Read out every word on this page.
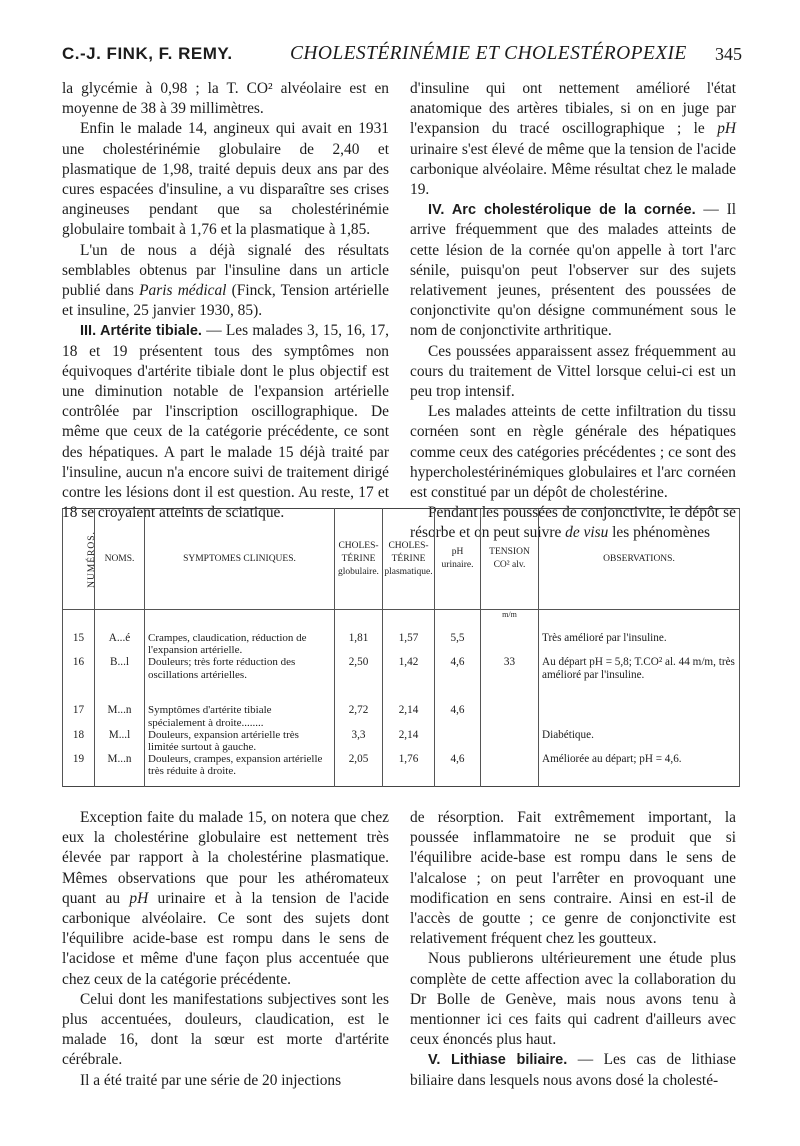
C.-J. FINK, F. REMY.	CHOLESTÉRINÉMIE ET CHOLESTÉROPEXIE 345

la glycémie à 0,98 ; la T. CO² alvéolaire est en moyenne de 38 à 39 millimètres.

Enfin le malade 14, angineux qui avait en 1931 une cholestérinémie globulaire de 2,40 et plasmatique de 1,98, traité depuis deux ans par des cures espacées d'insuline, a vu disparaître ses crises angineuses pendant que sa cholestérinémie globulaire tombait à 1,76 et la plasmatique à 1,85.

L'un de nous a déjà signalé des résultats semblables obtenus par l'insuline dans un article publié dans Paris médical (Finck, Tension artérielle et insuline, 25 janvier 1930, 85).

III. Artérite tibiale. — Les malades 3, 15, 16, 17, 18 et 19 présentent tous des symptômes non équivoques d'artérite tibiale dont le plus objectif est une diminution notable de l'expansion artérielle contrôlée par l'inscription oscillographique. De même que ceux de la catégorie précédente, ce sont des hépatiques. A part le malade 15 déjà traité par l'insuline, aucun n'a encore suivi de traitement dirigé contre les lésions dont il est question. Au reste, 17 et 18 se croyaient atteints de sciatique.

d'insuline qui ont nettement amélioré l'état anatomique des artères tibiales, si on en juge par l'expansion du tracé oscillographique ; le pH urinaire s'est élevé de même que la tension de l'acide carbonique alvéolaire. Même résultat chez le malade 19.

IV. Arc cholestérolique de la cornée. — Il arrive fréquemment que des malades atteints de cette lésion de la cornée qu'on appelle à tort l'arc sénile, puisqu'on peut l'observer sur des sujets relativement jeunes, présentent des poussées de conjonctivite qu'on désigne communément sous le nom de conjonctivite arthritique.

Ces poussées apparaissent assez fréquemment au cours du traitement de Vittel lorsque celui-ci est un peu trop intensif.

Les malades atteints de cette infiltration du tissu cornéen sont en règle générale des hépatiques comme ceux des catégories précédentes ; ce sont des hypercholestérinémiques globulaires et l'arc cornéen est constitué par un dépôt de cholestérine.

Pendant les poussées de conjonctivite, le dépôt se résorbe et on peut suivre de visu les phénomènes

NUMÉROS.	NOMS.	SYMPTOMES CLINIQUES.	CHOLES-TÉRINE globulaire.	CHOLES-TÉRINE plasmatique.	pH urinaire.	TENSION CO² alv.	OBSERVATIONS.
						m/m	
15	A...é	Crampes, claudication, réduction de l'expansion artérielle.	1,81	1,57	5,5		Très amélioré par l'insuline.
16	B...l	Douleurs; très forte réduction des oscillations artérielles.	2,50	1,42	4,6	33	Au départ pH = 5,8; T.CO² al. 44 m/m, très amélioré par l'insuline.

17	M...n	Symptômes d'artérite tibiale spécialement à droite........	2,72	2,14	4,6		
18	M...l	Douleurs, expansion artérielle très limitée surtout à gauche.	3,3	2,14			Diabétique.
19	M...n	Douleurs, crampes, expansion artérielle très réduite à droite.	2,05	1,76	4,6		Améliorée au départ; pH = 4,6.

Exception faite du malade 15, on notera que chez eux la cholestérine globulaire est nettement très élevée par rapport à la cholestérine plasmatique. Mêmes observations que pour les athéromateux quant au pH urinaire et à la tension de l'acide carbonique alvéolaire. Ce sont des sujets dont l'équilibre acide-base est rompu dans le sens de l'acidose et même d'une façon plus accentuée que chez ceux de la catégorie précédente.

Celui dont les manifestations subjectives sont les plus accentuées, douleurs, claudication, est le malade 16, dont la sœur est morte d'artérite cérébrale.

Il a été traité par une série de 20 injections

de résorption. Fait extrêmement important, la poussée inflammatoire ne se produit que si l'équilibre acide-base est rompu dans le sens de l'alcalose ; on peut l'arrêter en provoquant une modification en sens contraire. Ainsi en est-il de l'accès de goutte ; ce genre de conjonctivite est relativement fréquent chez les goutteux.

Nous publierons ultérieurement une étude plus complète de cette affection avec la collaboration du Dr Bolle de Genève, mais nous avons tenu à mentionner ici ces faits qui cadrent d'ailleurs avec ceux énoncés plus haut.

V. Lithiase biliaire. — Les cas de lithiase biliaire dans lesquels nous avons dosé la cholesté-
